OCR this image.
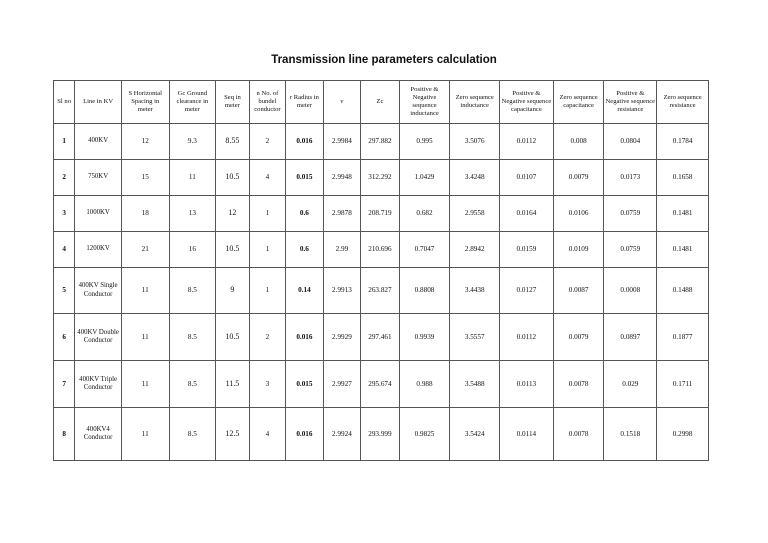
Transmission line parameters calculation
Sl no	Line in KV	S Horizontal Spacing in meter	Gc Ground clearance in meter	Seq in meter	n No. of bundel conductor	r Radius in meter	v	Zc	Positive & Negative sequence inductance	Zero sequence inductance	Positive & Negative sequence capacitance	Zero sequence capacitance	Positive & Negative sequence resistance	Zero sequence resistance
1	400KV	12	9.3	8.55	2	0.016	2.9984	297.882	0.995	3.5076	0.0112	0.008	0.0804	0.1784
2	750KV	15	11	10.5	4	0.015	2.9948	312.292	1.0429	3.4248	0.0107	0.0079	0.0173	0.1658
3	1000KV	18	13	12	1	0.6	2.9878	208.719	0.682	2.9558	0.0164	0.0106	0.0759	0.1481
4	1200KV	21	16	10.5	1	0.6	2.99	210.696	0.7047	2.8942	0.0159	0.0109	0.0759	0.1481
5	400KV Single Conductor	11	8.5	9	1	0.14	2.9913	263.827	0.8808	3.4438	0.0127	0.0087	0.0008	0.1488
6	400KV Double Conductor	11	8.5	10.5	2	0.016	2.9929	297.461	0.9939	3.5557	0.0112	0.0079	0.0897	0.1877
7	400KV Triple Conductor	11	8.5	11.5	3	0.015	2.9927	295.674	0.988	3.5488	0.0113	0.0078	0.029	0.1711
8	400KV4 Conductor	11	8.5	12.5	4	0.016	2.9924	293.999	0.9825	3.5424	0.0114	0.0078	0.1518	0.2998
